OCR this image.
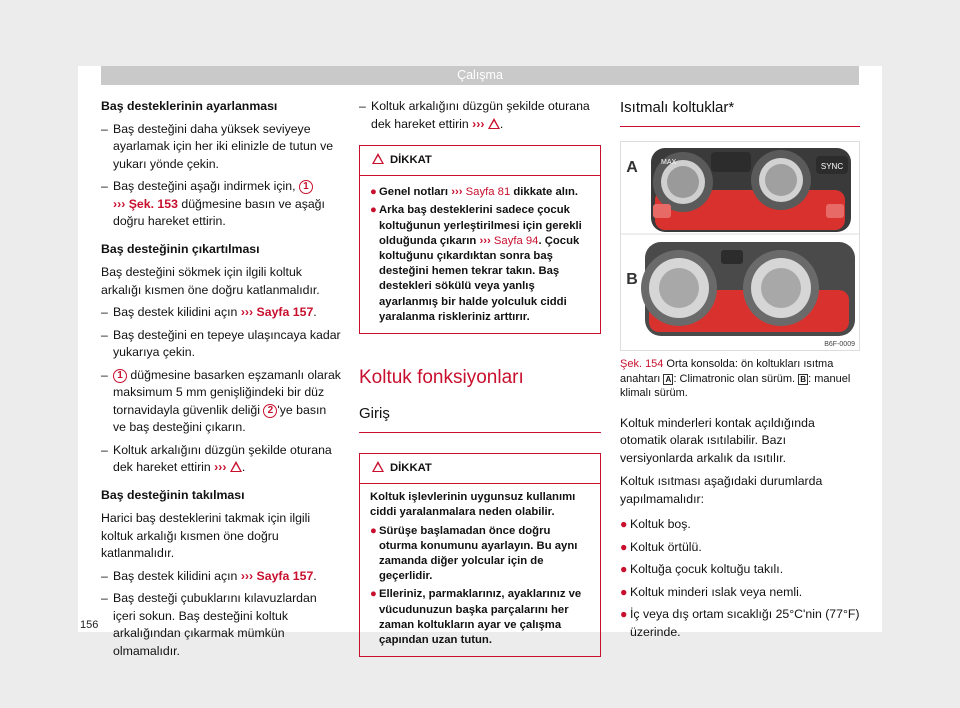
Çalışma
Baş desteklerinin ayarlanması
– Baş desteğini daha yüksek seviyeye ayarlamak için her iki elinizle de tutun ve yukarı yönde çekin.
– Baş desteğini aşağı indirmek için, 1
››› Şek. 153 düğmesine basın ve aşağı doğru hareket ettirin.
Baş desteğinin çıkartılması

Baş desteğini sökmek için ilgili koltuk arkalığı kısmen öne doğru katlanmalıdır.

– Baş destek kilidini açın ››› Sayfa 157.
– Baş desteğini en tepeye ulaşıncaya kadar yukarıya çekin.
– 1 düğmesine basarken eşzamanlı olarak maksimum 5 mm genişliğindeki bir düz tornavidayla güvenlik deliği 2 'ye basın ve baş desteğini çıkarın.
– Koltuk arkalığını düzgün şekilde oturana dek hareket ettirin ››› .
Baş desteğinin takılması

Harici baş desteklerini takmak için ilgili koltuk arkalığı kısmen öne doğru katlanmalıdır.

– Baş destek kilidini açın ››› Sayfa 157.
– Baş desteği çubuklarını kılavuzlardan içeri sokun. Baş desteğini koltuk arkalığından çıkarmak mümkün olmamalıdır.
– Koltuk arkalığını düzgün şekilde oturana dek hareket ettirin ››› .
DİKKAT
● Genel notları ››› Sayfa 81 dikkate alın.
● Arka baş desteklerini sadece çocuk koltuğunun yerleştirilmesi için gerekli olduğunda çıkarın ››› Sayfa 94. Çocuk koltuğunu çıkardıktan sonra baş desteğini hemen tekrar takın. Baş destekleri sökülü veya yanlış ayarlanmış bir halde yolculuk ciddi yaralanma riskleriniz arttırır.
Koltuk fonksiyonları
Giriş
DİKKAT
Koltuk işlevlerinin uygunsuz kullanımı ciddi yaralanmalara neden olabilir.
● Sürüşe başlamadan önce doğru oturma konumunu ayarlayın. Bu aynı zamanda diğer yolcular için de geçerlidir.
● Elleriniz, parmaklarınız, ayaklarınız ve vücudunuzun başka parçalarını her zaman koltukların ayar ve çalışma çapından uzan tutun.
Isıtmalı koltuklar*
SYNC
MAX
A
B
B6F-0009
Şek. 154 Orta konsolda: ön koltukları ısıtma anahtarı A : Climatronic olan sürüm. B : manuel klimalı sürüm.

Koltuk minderleri kontak açıldığında otomatik olarak ısıtılabilir. Bazı versiyonlarda arkalık da ısıtılır.

Koltuk ısıtması aşağıdaki durumlarda yapılmamalıdır:

● Koltuk boş.
● Koltuk örtülü.
● Koltuğa çocuk koltuğu takılı.
● Koltuk minderi ıslak veya nemli.
● İç veya dış ortam sıcaklığı 25°C'nin (77°F) üzerinde.
156
